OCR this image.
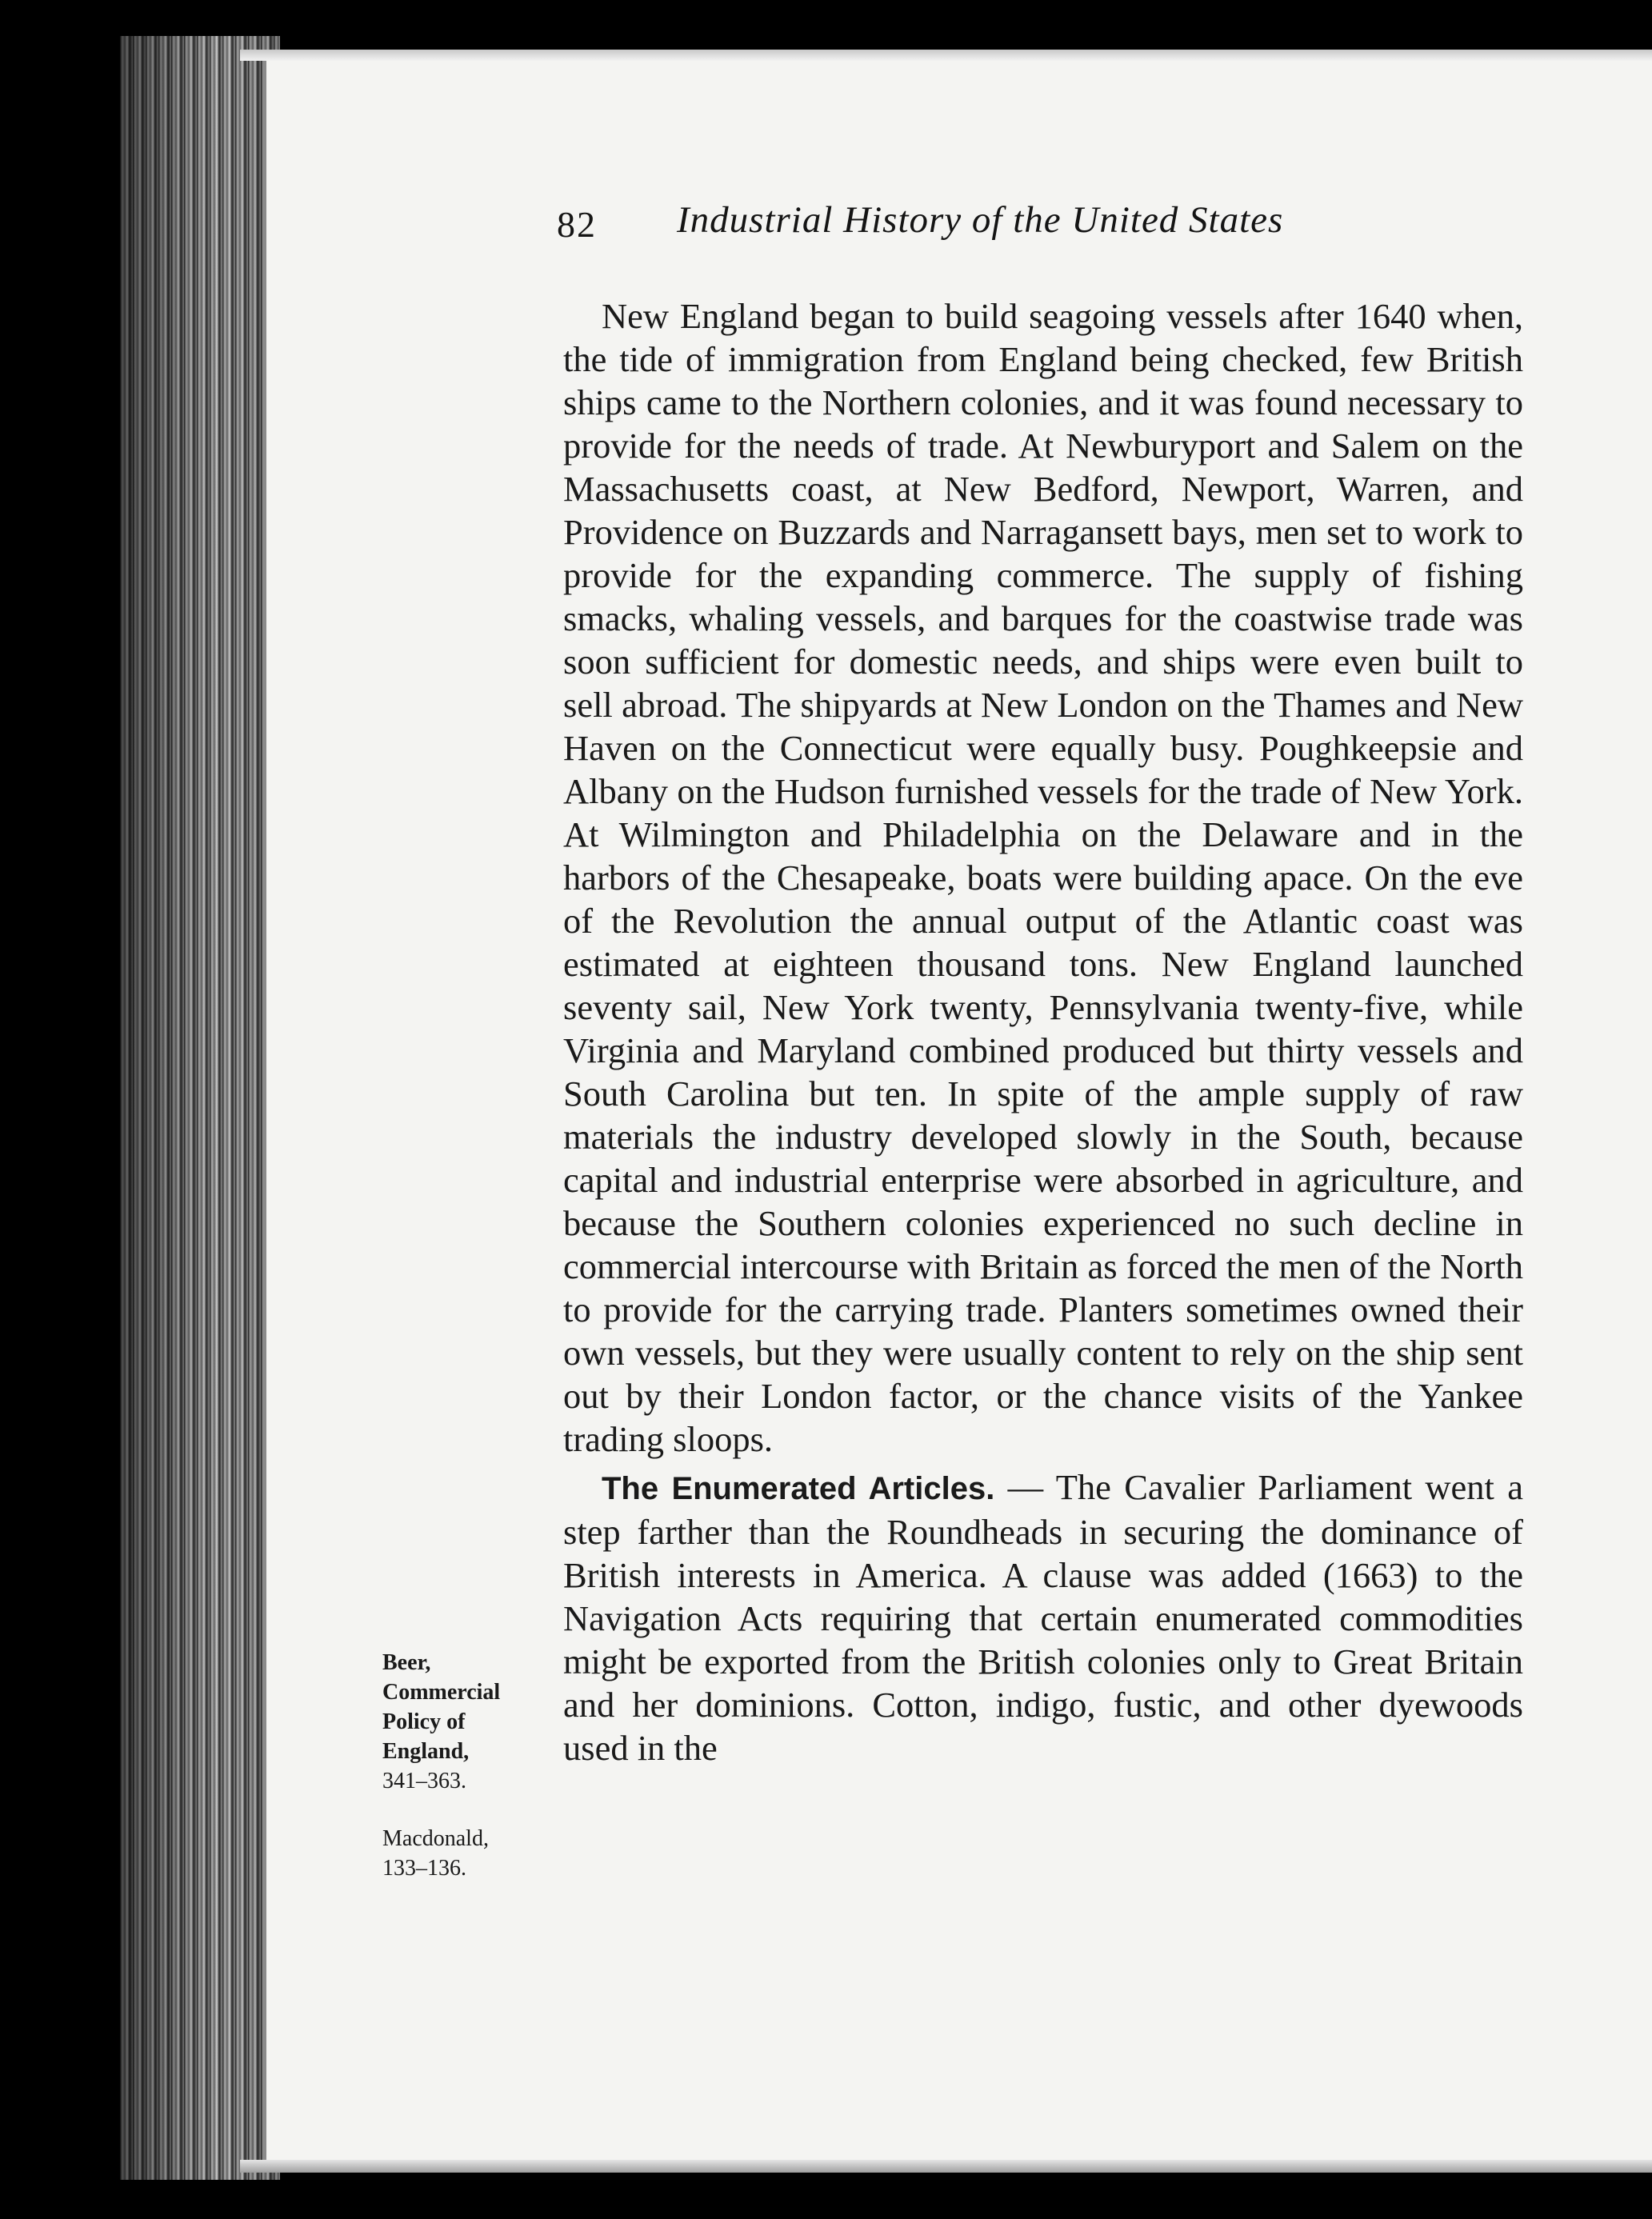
82 Industrial History of the United States

New England began to build seagoing vessels after 1640 when, the tide of immigration from England being checked, few British ships came to the Northern colonies, and it was found necessary to provide for the needs of trade. At Newburyport and Salem on the Massachusetts coast, at New Bedford, Newport, Warren, and Providence on Buzzards and Narragansett bays, men set to work to provide for the expanding commerce. The supply of fishing smacks, whaling vessels, and barques for the coastwise trade was soon sufficient for domestic needs, and ships were even built to sell abroad. The shipyards at New London on the Thames and New Haven on the Connecticut were equally busy. Poughkeepsie and Albany on the Hudson furnished vessels for the trade of New York. At Wilmington and Philadelphia on the Delaware and in the harbors of the Chesapeake, boats were building apace. On the eve of the Revolution the annual output of the Atlantic coast was estimated at eighteen thousand tons. New England launched seventy sail, New York twenty, Pennsylvania twenty-five, while Virginia and Maryland combined produced but thirty vessels and South Carolina but ten. In spite of the ample supply of raw materials the industry developed slowly in the South, because capital and industrial enterprise were absorbed in agriculture, and because the Southern colonies experienced no such decline in commercial intercourse with Britain as forced the men of the North to provide for the carrying trade. Planters sometimes owned their own vessels, but they were usually content to rely on the ship sent out by their London factor, or the chance visits of the Yankee trading sloops.

The Enumerated Articles. — The Cavalier Parliament went a step farther than the Roundheads in securing the dominance of British interests in America. A clause was added (1663) to the Navigation Acts requiring that certain enumerated commodities might be exported from the British colonies only to Great Britain and her dominions. Cotton, indigo, fustic, and other dyewoods used in the

Beer,
Commercial
Policy of
England,
341–363.
Macdonald,
133–136.
